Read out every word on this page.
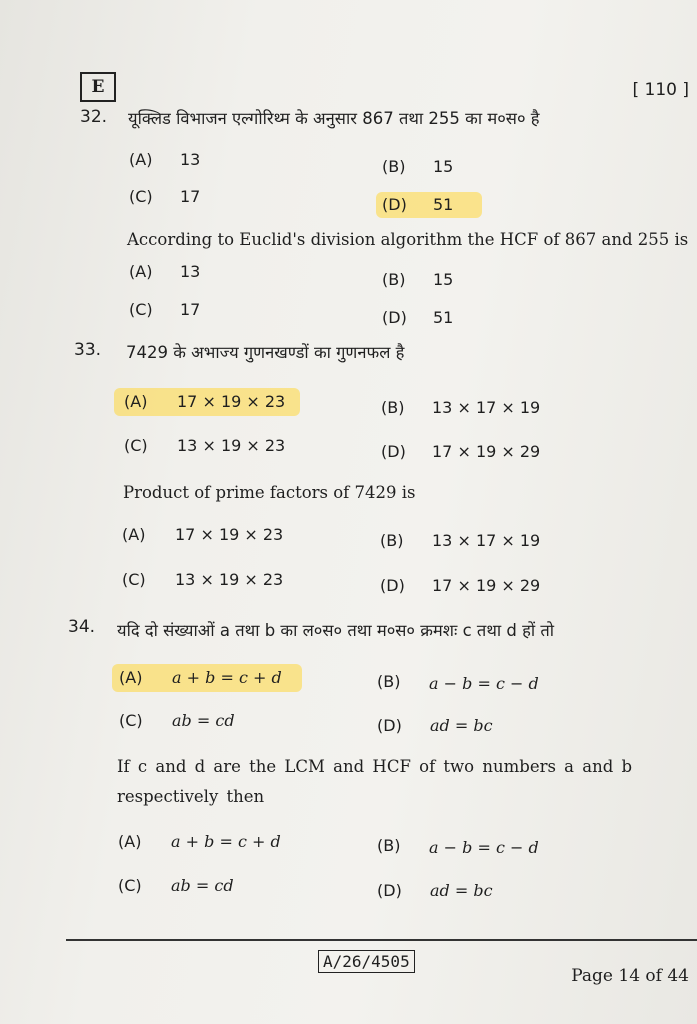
E	[ 110 ]
32. यूक्लिड विभाजन एल्गोरिथ्म के अनुसार 867 तथा 255 का म०स० है
(A) 13	(B) 15
(C) 17	(D) 51
According to Euclid's division algorithm the HCF of 867 and 255 is
(A) 13	(B) 15
(C) 17	(D) 51
33. 7429 के अभाज्य गुणनखण्डों का गुणनफल है
(A) 17 × 19 × 23	(B) 13 × 17 × 19
(C) 13 × 19 × 23	(D) 17 × 19 × 29
Product of prime factors of 7429 is
(A) 17 × 19 × 23	(B) 13 × 17 × 19
(C) 13 × 19 × 23	(D) 17 × 19 × 29
34. यदि दो संख्याओं a तथा b का ल०स० तथा म०स० क्रमशः c तथा d हों तो
(A) a + b = c + d	(B) a − b = c − d
(C) ab = cd	(D) ad = bc
If c and d are the LCM and HCF of two numbers a and b respectively then
(A) a + b = c + d	(B) a − b = c − d
(C) ab = cd	(D) ad = bc
A/26/4505
Page 14 of 44
